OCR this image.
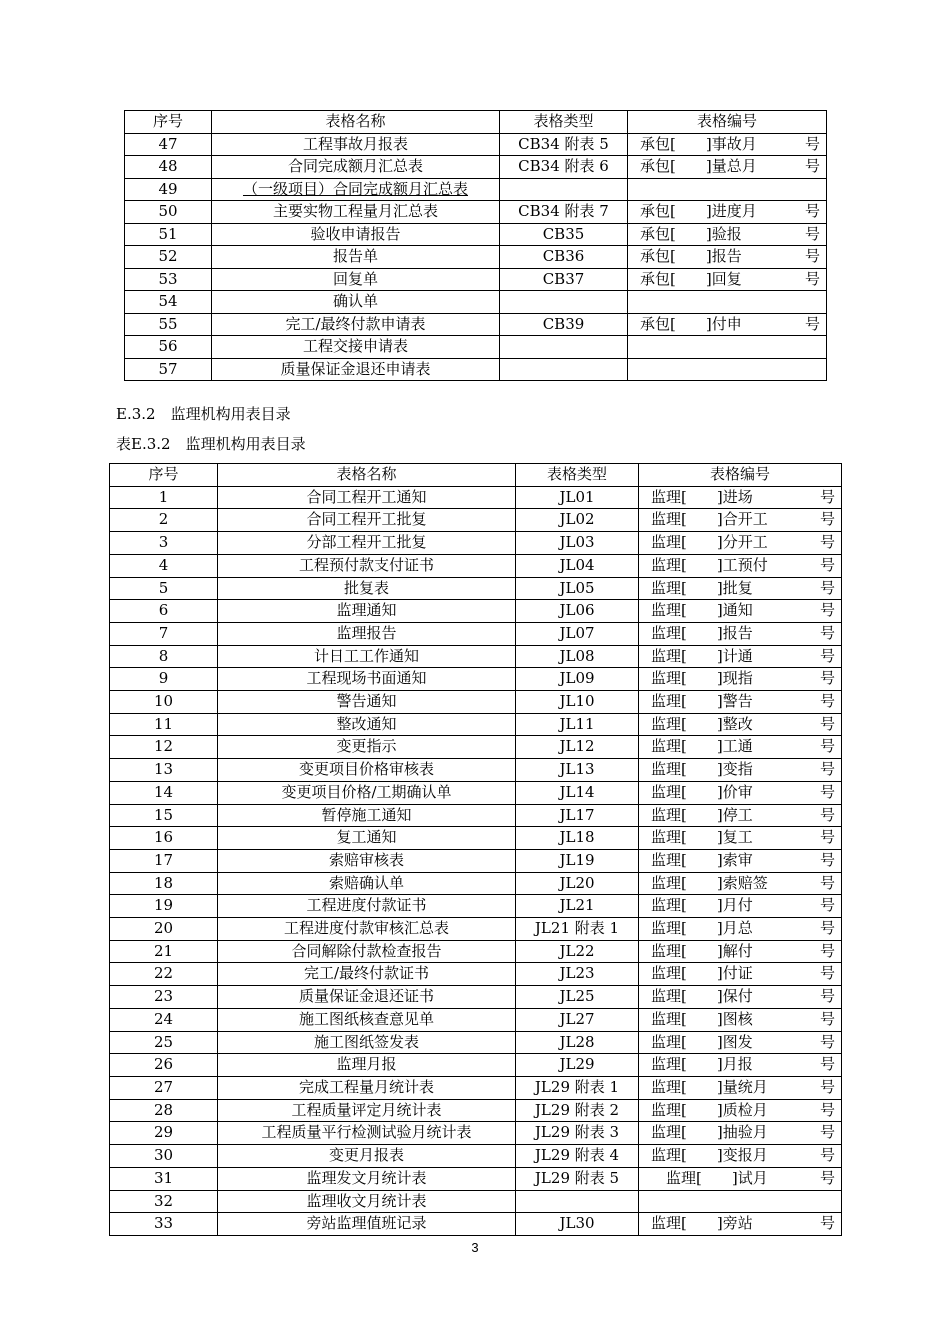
序号	表格名称	表格类型	表格编号
47	工程事故月报表	CB34 附表 5	承包[　　]事故月 号

48	合同完成额月汇总表	CB34 附表 6	承包[　　]量总月 号

49	（一级项目）合同完成额月汇总表		

50	主要实物工程量月汇总表	CB34 附表 7	承包[　　]进度月 号

51	验收申请报告	CB35	承包[　　]验报 号

52	报告单	CB36	承包[　　]报告 号

53	回复单	CB37	承包[　　]回复 号

54	确认单		

55	完工/最终付款申请表	CB39	承包[　　]付申 号

56	工程交接申请表		

57	质量保证金退还申请表		
E.3.2　监理机构用表目录
表E.3.2　监理机构用表目录
序号	表格名称	表格类型	表格编号
1	合同工程开工通知	JL01	监理[　　]进场 号

2	合同工程开工批复	JL02	监理[　　]合开工 号

3	分部工程开工批复	JL03	监理[　　]分开工 号

4	工程预付款支付证书	JL04	监理[　　]工预付 号

5	批复表	JL05	监理[　　]批复 号

6	监理通知	JL06	监理[　　]通知 号

7	监理报告	JL07	监理[　　]报告 号

8	计日工工作通知	JL08	监理[　　]计通 号

9	工程现场书面通知	JL09	监理[　　]现指 号

10	警告通知	JL10	监理[　　]警告 号

11	整改通知	JL11	监理[　　]整改 号

12	变更指示	JL12	监理[　　]工通 号

13	变更项目价格审核表	JL13	监理[　　]变指 号

14	变更项目价格/工期确认单	JL14	监理[　　]价审 号

15	暂停施工通知	JL17	监理[　　]停工 号

16	复工通知	JL18	监理[　　]复工 号

17	索赔审核表	JL19	监理[　　]索审 号

18	索赔确认单	JL20	监理[　　]索赔签 号

19	工程进度付款证书	JL21	监理[　　]月付 号

20	工程进度付款审核汇总表	JL21 附表 1	监理[　　]月总 号

21	合同解除付款检查报告	JL22	监理[　　]解付 号

22	完工/最终付款证书	JL23	监理[　　]付证 号

23	质量保证金退还证书	JL25	监理[　　]保付 号

24	施工图纸核查意见单	JL27	监理[　　]图核 号

25	施工图纸签发表	JL28	监理[　　]图发 号

26	监理月报	JL29	监理[　　]月报 号

27	完成工程量月统计表	JL29 附表 1	监理[　　]量统月 号

28	工程质量评定月统计表	JL29 附表 2	监理[　　]质检月 号

29	工程质量平行检测试验月统计表	JL29 附表 3	监理[　　]抽验月 号

30	变更月报表	JL29 附表 4	监理[　　]变报月 号

31	监理发文月统计表	JL29 附表 5	　监理[　　]试月 号

32	监理收文月统计表		

33	旁站监理值班记录	JL30	监理[　　]旁站 号
3
